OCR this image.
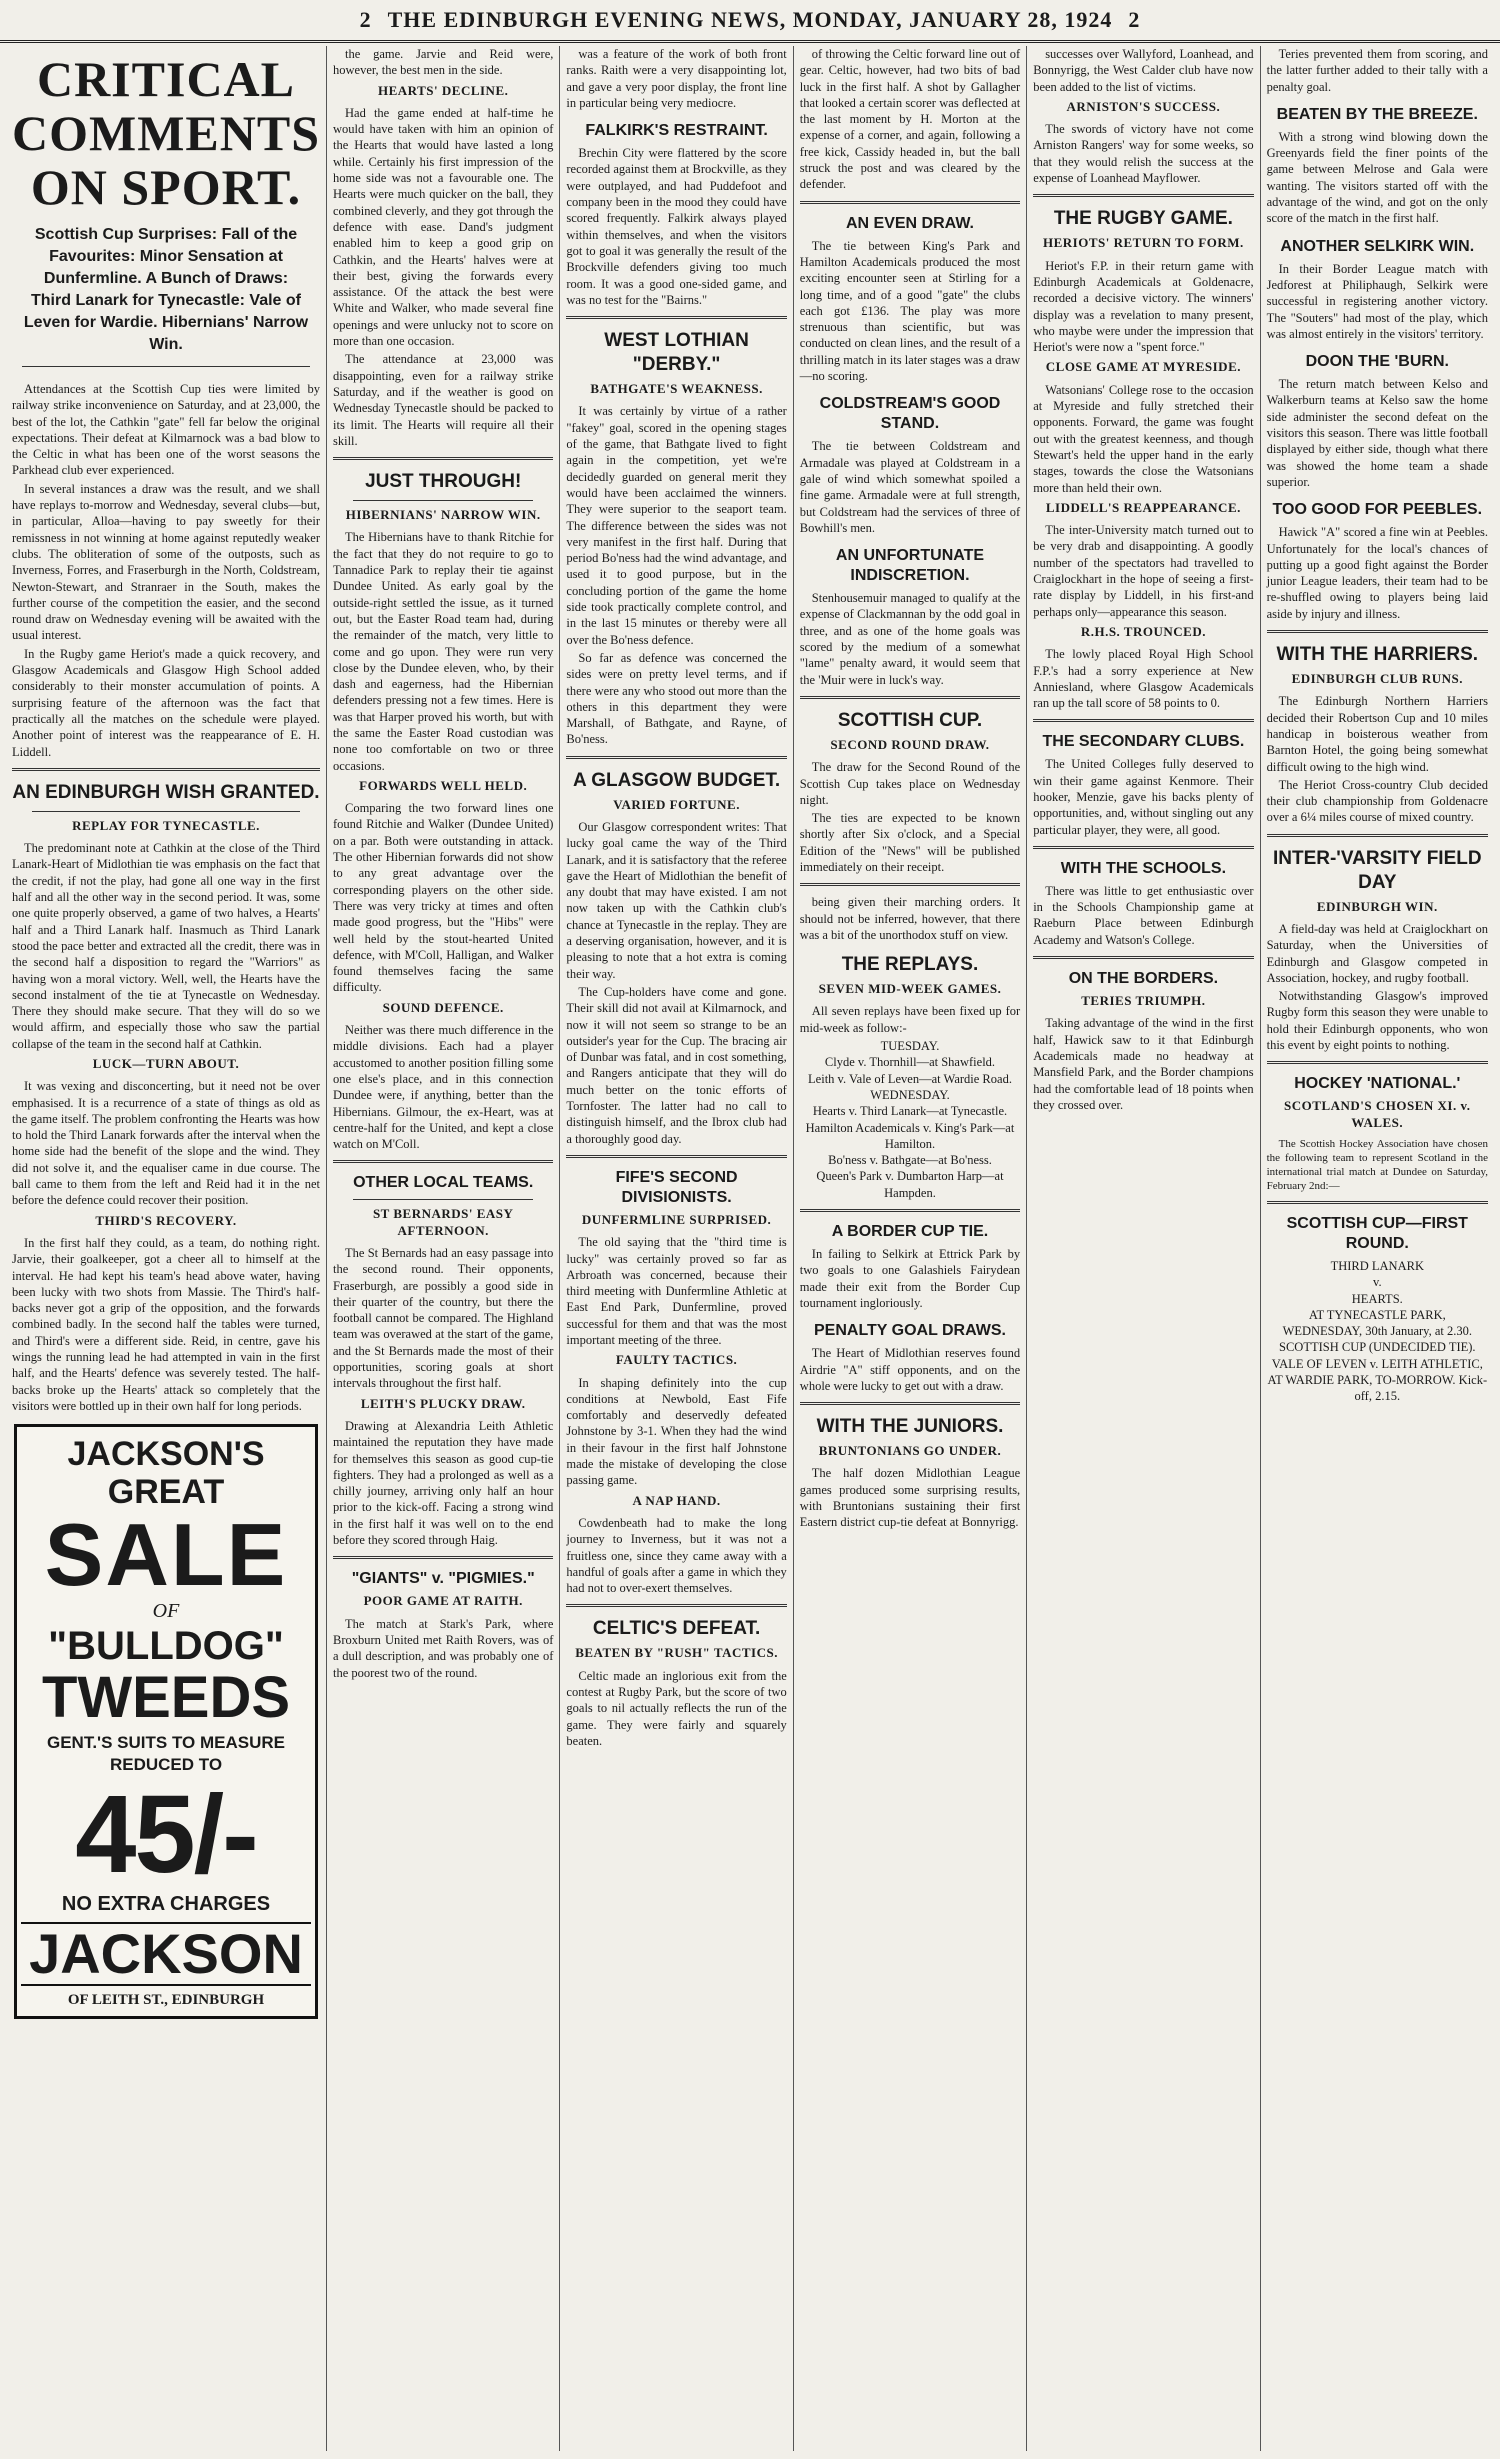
2 THE EDINBURGH EVENING NEWS, MONDAY, JANUARY 28, 1924 2
CRITICAL COMMENTS ON SPORT.
Scottish Cup Surprises: Fall of the Favourites: Minor Sensation at Dunfermline. A Bunch of Draws: Third Lanark for Tynecastle: Vale of Leven for Wardie. Hibernians' Narrow Win.

Attendances at the Scottish Cup ties were limited by railway strike inconvenience on Saturday, and at 23,000, the best of the lot, the Cathkin "gate" fell far below the original expectations. Their defeat at Kilmarnock was a bad blow to the Celtic in what has been one of the worst seasons the Parkhead club ever experienced.

In several instances a draw was the result, and we shall have replays to-morrow and Wednesday, several clubs—but, in particular, Alloa—having to pay sweetly for their remissness in not winning at home against reputedly weaker clubs. The obliteration of some of the outposts, such as Inverness, Forres, and Fraserburgh in the North, Coldstream, Newton-Stewart, and Stranraer in the South, makes the further course of the competition the easier, and the second round draw on Wednesday evening will be awaited with the usual interest.

In the Rugby game Heriot's made a quick recovery, and Glasgow Academicals and Glasgow High School added considerably to their monster accumulation of points. A surprising feature of the afternoon was the fact that practically all the matches on the schedule were played. Another point of interest was the reappearance of E. H. Liddell.

AN EDINBURGH WISH GRANTED.
REPLAY FOR TYNECASTLE.

The predominant note at Cathkin at the close of the Third Lanark-Heart of Midlothian tie was emphasis on the fact that the credit, if not the play, had gone all one way in the first half and all the other way in the second period. It was, some one quite properly observed, a game of two halves, a Hearts' half and a Third Lanark half. Inasmuch as Third Lanark stood the pace better and extracted all the credit, there was in the second half a disposition to regard the "Warriors" as having won a moral victory. Well, well, the Hearts have the second instalment of the tie at Tynecastle on Wednesday. There they should make secure. That they will do so we would affirm, and especially those who saw the partial collapse of the team in the second half at Cathkin.

LUCK—TURN ABOUT.

It was vexing and disconcerting, but it need not be over emphasised. It is a recurrence of a state of things as old as the game itself. The problem confronting the Hearts was how to hold the Third Lanark forwards after the interval when the home side had the benefit of the slope and the wind. They did not solve it, and the equaliser came in due course. The ball came to them from the left and Reid had it in the net before the defence could recover their position.

THIRD'S RECOVERY.

In the first half they could, as a team, do nothing right. Jarvie, their goalkeeper, got a cheer all to himself at the interval. He had kept his team's head above water, having been lucky with two shots from Massie. The Third's half-backs never got a grip of the opposition, and the forwards combined badly. In the second half the tables were turned, and Third's were a different side. Reid, in centre, gave his wings the running lead he had attempted in vain in the first half, and the Hearts' defence was severely tested. The half-backs broke up the Hearts' attack so completely that the visitors were bottled up in their own half for long periods.

JACKSON'S GREAT
SALE
OF
"BULLDOG"
TWEEDS
GENT.'S SUITS TO MEASURE REDUCED TO
45/-
NO EXTRA CHARGES
JACKSON
OF LEITH ST., EDINBURGH

the game. Jarvie and Reid were, however, the best men in the side.

HEARTS' DECLINE.

Had the game ended at half-time he would have taken with him an opinion of the Hearts that would have lasted a long while. Certainly his first impression of the home side was not a favourable one. The Hearts were much quicker on the ball, they combined cleverly, and they got through the defence with ease. Dand's judgment enabled him to keep a good grip on Cathkin, and the Hearts' halves were at their best, giving the forwards every assistance. Of the attack the best were White and Walker, who made several fine openings and were unlucky not to score on more than one occasion.

The attendance at 23,000 was disappointing, even for a railway strike Saturday, and if the weather is good on Wednesday Tynecastle should be packed to its limit. The Hearts will require all their skill.

JUST THROUGH!
HIBERNIANS' NARROW WIN.

The Hibernians have to thank Ritchie for the fact that they do not require to go to Tannadice Park to replay their tie against Dundee United. As early goal by the outside-right settled the issue, as it turned out, but the Easter Road team had, during the remainder of the match, very little to come and go upon. They were run very close by the Dundee eleven, who, by their dash and eagerness, had the Hibernian defenders pressing not a few times. Here is was that Harper proved his worth, but with the same the Easter Road custodian was none too comfortable on two or three occasions.

FORWARDS WELL HELD.

Comparing the two forward lines one found Ritchie and Walker (Dundee United) on a par. Both were outstanding in attack. The other Hibernian forwards did not show to any great advantage over the corresponding players on the other side. There was very tricky at times and often made good progress, but the "Hibs" were well held by the stout-hearted United defence, with M'Coll, Halligan, and Walker found themselves facing the same difficulty.

SOUND DEFENCE.

Neither was there much difference in the middle divisions. Each had a player accustomed to another position filling some one else's place, and in this connection Dundee were, if anything, better than the Hibernians. Gilmour, the ex-Heart, was at centre-half for the United, and kept a close watch on M'Coll.

OTHER LOCAL TEAMS.
ST BERNARDS' EASY AFTERNOON.

The St Bernards had an easy passage into the second round. Their opponents, Fraserburgh, are possibly a good side in their quarter of the country, but there the football cannot be compared. The Highland team was overawed at the start of the game, and the St Bernards made the most of their opportunities, scoring goals at short intervals throughout the first half.

LEITH'S PLUCKY DRAW.

Drawing at Alexandria Leith Athletic maintained the reputation they have made for themselves this season as good cup-tie fighters. They had a prolonged as well as a chilly journey, arriving only half an hour prior to the kick-off. Facing a strong wind in the first half it was well on to the end before they scored through Haig.

"GIANTS" v. "PIGMIES."
POOR GAME AT RAITH.

The match at Stark's Park, where Broxburn United met Raith Rovers, was of a dull description, and was probably one of the poorest two of the round.

was a feature of the work of both front ranks. Raith were a very disappointing lot, and gave a very poor display, the front line in particular being very mediocre.

FALKIRK'S RESTRAINT.

Brechin City were flattered by the score recorded against them at Brockville, as they were outplayed, and had Puddefoot and company been in the mood they could have scored frequently. Falkirk always played within themselves, and when the visitors got to goal it was generally the result of the Brockville defenders giving too much room. It was a good one-sided game, and was no test for the "Bairns."

WEST LOTHIAN "DERBY."
BATHGATE'S WEAKNESS.

It was certainly by virtue of a rather "fakey" goal, scored in the opening stages of the game, that Bathgate lived to fight again in the competition, yet we're decidedly guarded on general merit they would have been acclaimed the winners. They were superior to the seaport team. The difference between the sides was not very manifest in the first half. During that period Bo'ness had the wind advantage, and used it to good purpose, but in the concluding portion of the game the home side took practically complete control, and in the last 15 minutes or thereby were all over the Bo'ness defence.

So far as defence was concerned the sides were on pretty level terms, and if there were any who stood out more than the others in this department they were Marshall, of Bathgate, and Rayne, of Bo'ness.

A GLASGOW BUDGET.
VARIED FORTUNE.

Our Glasgow correspondent writes: That lucky goal came the way of the Third Lanark, and it is satisfactory that the referee gave the Heart of Midlothian the benefit of any doubt that may have existed. I am not now taken up with the Cathkin club's chance at Tynecastle in the replay. They are a deserving organisation, however, and it is pleasing to note that a hot extra is coming their way.

The Cup-holders have come and gone. Their skill did not avail at Kilmarnock, and now it will not seem so strange to be an outsider's year for the Cup. The bracing air of Dunbar was fatal, and in cost something, and Rangers anticipate that they will do much better on the tonic efforts of Tornfoster. The latter had no call to distinguish himself, and the Ibrox club had a thoroughly good day.

FIFE'S SECOND DIVISIONISTS.
DUNFERMLINE SURPRISED.

The old saying that the "third time is lucky" was certainly proved so far as Arbroath was concerned, because their third meeting with Dunfermline Athletic at East End Park, Dunfermline, proved successful for them and that was the most important meeting of the three.

FAULTY TACTICS.

In shaping definitely into the cup conditions at Newbold, East Fife comfortably and deservedly defeated Johnstone by 3-1. When they had the wind in their favour in the first half Johnstone made the mistake of developing the close passing game.

A NAP HAND.

Cowdenbeath had to make the long journey to Inverness, but it was not a fruitless one, since they came away with a handful of goals after a game in which they had not to over-exert themselves.

CELTIC'S DEFEAT.
BEATEN BY "RUSH" TACTICS.

Celtic made an inglorious exit from the contest at Rugby Park, but the score of two goals to nil actually reflects the run of the game. They were fairly and squarely beaten.

of throwing the Celtic forward line out of gear. Celtic, however, had two bits of bad luck in the first half. A shot by Gallagher that looked a certain scorer was deflected at the last moment by H. Morton at the expense of a corner, and again, following a free kick, Cassidy headed in, but the ball struck the post and was cleared by the defender.

AN EVEN DRAW.

The tie between King's Park and Hamilton Academicals produced the most exciting encounter seen at Stirling for a long time, and of a good "gate" the clubs each got £136. The play was more strenuous than scientific, but was conducted on clean lines, and the result of a thrilling match in its later stages was a draw—no scoring.

COLDSTREAM'S GOOD STAND.

The tie between Coldstream and Armadale was played at Coldstream in a gale of wind which somewhat spoiled a fine game. Armadale were at full strength, but Coldstream had the services of three of Bowhill's men.

AN UNFORTUNATE INDISCRETION.

Stenhousemuir managed to qualify at the expense of Clackmannan by the odd goal in three, and as one of the home goals was scored by the medium of a somewhat "lame" penalty award, it would seem that the 'Muir were in luck's way.

SCOTTISH CUP.
SECOND ROUND DRAW.

The draw for the Second Round of the Scottish Cup takes place on Wednesday night.

The ties are expected to be known shortly after Six o'clock, and a Special Edition of the "News" will be published immediately on their receipt.

being given their marching orders. It should not be inferred, however, that there was a bit of the unorthodox stuff on view.

THE REPLAYS.
SEVEN MID-WEEK GAMES.

All seven replays have been fixed up for mid-week as follow:-

TUESDAY.

Clyde v. Thornhill—at Shawfield.

Leith v. Vale of Leven—at Wardie Road.

WEDNESDAY.

Hearts v. Third Lanark—at Tynecastle.

Hamilton Academicals v. King's Park—at Hamilton.

Bo'ness v. Bathgate—at Bo'ness.

Queen's Park v. Dumbarton Harp—at Hampden.

A BORDER CUP TIE.

In failing to Selkirk at Ettrick Park by two goals to one Galashiels Fairydean made their exit from the Border Cup tournament ingloriously.

PENALTY GOAL DRAWS.

The Heart of Midlothian reserves found Airdrie "A" stiff opponents, and on the whole were lucky to get out with a draw.

WITH THE JUNIORS.
BRUNTONIANS GO UNDER.

The half dozen Midlothian League games produced some surprising results, with Bruntonians sustaining their first Eastern district cup-tie defeat at Bonnyrigg.

successes over Wallyford, Loanhead, and Bonnyrigg, the West Calder club have now been added to the list of victims.

ARNISTON'S SUCCESS.

The swords of victory have not come Arniston Rangers' way for some weeks, so that they would relish the success at the expense of Loanhead Mayflower.

THE RUGBY GAME.
HERIOTS' RETURN TO FORM.

Heriot's F.P. in their return game with Edinburgh Academicals at Goldenacre, recorded a decisive victory. The winners' display was a revelation to many present, who maybe were under the impression that Heriot's were now a "spent force."

CLOSE GAME AT MYRESIDE.

Watsonians' College rose to the occasion at Myreside and fully stretched their opponents. Forward, the game was fought out with the greatest keenness, and though Stewart's held the upper hand in the early stages, towards the close the Watsonians more than held their own.

LIDDELL'S REAPPEARANCE.

The inter-University match turned out to be very drab and disappointing. A goodly number of the spectators had travelled to Craiglockhart in the hope of seeing a first-rate display by Liddell, in his first-and perhaps only—appearance this season.

R.H.S. TROUNCED.

The lowly placed Royal High School F.P.'s had a sorry experience at New Anniesland, where Glasgow Academicals ran up the tall score of 58 points to 0.

THE SECONDARY CLUBS.

The United Colleges fully deserved to win their game against Kenmore. Their hooker, Menzie, gave his backs plenty of opportunities, and, without singling out any particular player, they were, all good.

WITH THE SCHOOLS.

There was little to get enthusiastic over in the Schools Championship game at Raeburn Place between Edinburgh Academy and Watson's College.

ON THE BORDERS.
TERIES TRIUMPH.

Taking advantage of the wind in the first half, Hawick saw to it that Edinburgh Academicals made no headway at Mansfield Park, and the Border champions had the comfortable lead of 18 points when they crossed over.

Teries prevented them from scoring, and the latter further added to their tally with a penalty goal.

BEATEN BY THE BREEZE.

With a strong wind blowing down the Greenyards field the finer points of the game between Melrose and Gala were wanting. The visitors started off with the advantage of the wind, and got on the only score of the match in the first half.

ANOTHER SELKIRK WIN.

In their Border League match with Jedforest at Philiphaugh, Selkirk were successful in registering another victory. The "Souters" had most of the play, which was almost entirely in the visitors' territory.

DOON THE 'BURN.

The return match between Kelso and Walkerburn teams at Kelso saw the home side administer the second defeat on the visitors this season. There was little football displayed by either side, though what there was showed the home team a shade superior.

TOO GOOD FOR PEEBLES.

Hawick "A" scored a fine win at Peebles. Unfortunately for the local's chances of putting up a good fight against the Border junior League leaders, their team had to be re-shuffled owing to players being laid aside by injury and illness.

WITH THE HARRIERS.
EDINBURGH CLUB RUNS.

The Edinburgh Northern Harriers decided their Robertson Cup and 10 miles handicap in boisterous weather from Barnton Hotel, the going being somewhat difficult owing to the high wind.

The Heriot Cross-country Club decided their club championship from Goldenacre over a 6¼ miles course of mixed country.

INTER-'VARSITY FIELD DAY
EDINBURGH WIN.

A field-day was held at Craiglockhart on Saturday, when the Universities of Edinburgh and Glasgow competed in Association, hockey, and rugby football.

Notwithstanding Glasgow's improved Rugby form this season they were unable to hold their Edinburgh opponents, who won this event by eight points to nothing.

HOCKEY 'NATIONAL.'
SCOTLAND'S CHOSEN XI. v. WALES.

The Scottish Hockey Association have chosen the following team to represent Scotland in the international trial match at Dundee on Saturday, February 2nd:—

SCOTTISH CUP—FIRST ROUND.

THIRD LANARK

v.

HEARTS.

AT TYNECASTLE PARK,

WEDNESDAY, 30th January, at 2.30.

SCOTTISH CUP (UNDECIDED TIE).

VALE OF LEVEN v. LEITH ATHLETIC,

AT WARDIE PARK, TO-MORROW. Kick-off, 2.15.
